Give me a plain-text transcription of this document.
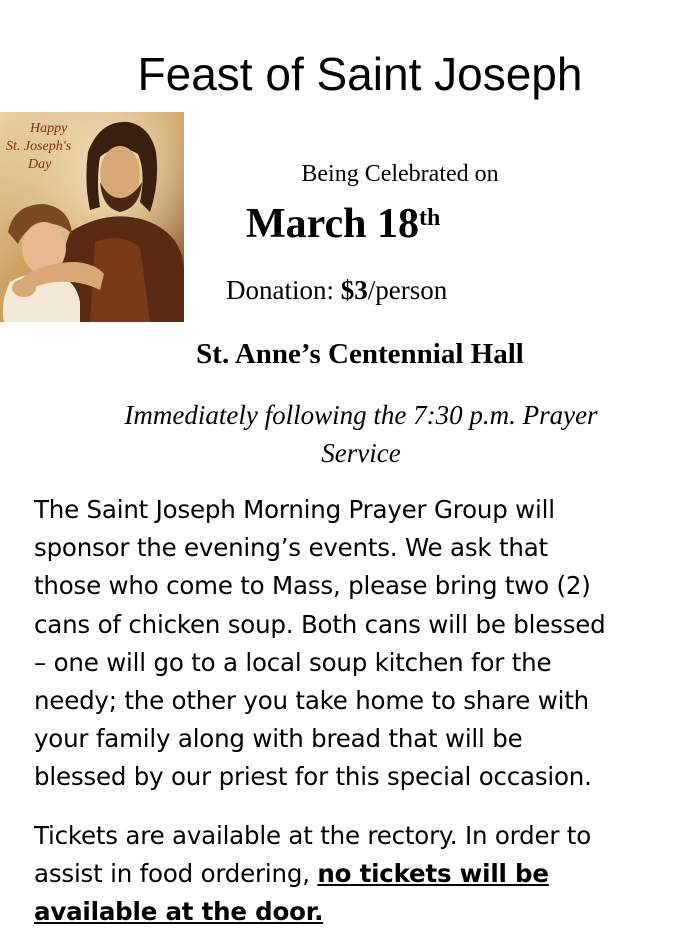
Feast of Saint Joseph
Happy
St. Joseph's
Day	Being Celebrated on
March 18th
Donation: $3/person
St. Anne’s Centennial Hall
Immediately following the 7:30 p.m. Prayer
Service
The Saint Joseph Morning Prayer Group will
sponsor the evening’s events. We ask that
those who come to Mass, please bring two (2)
cans of chicken soup. Both cans will be blessed
– one will go to a local soup kitchen for the
needy; the other you take home to share with
your family along with bread that will be
blessed by our priest for this special occasion.
Tickets are available at the rectory. In order to
assist in food ordering, no tickets will be
available at the door.
